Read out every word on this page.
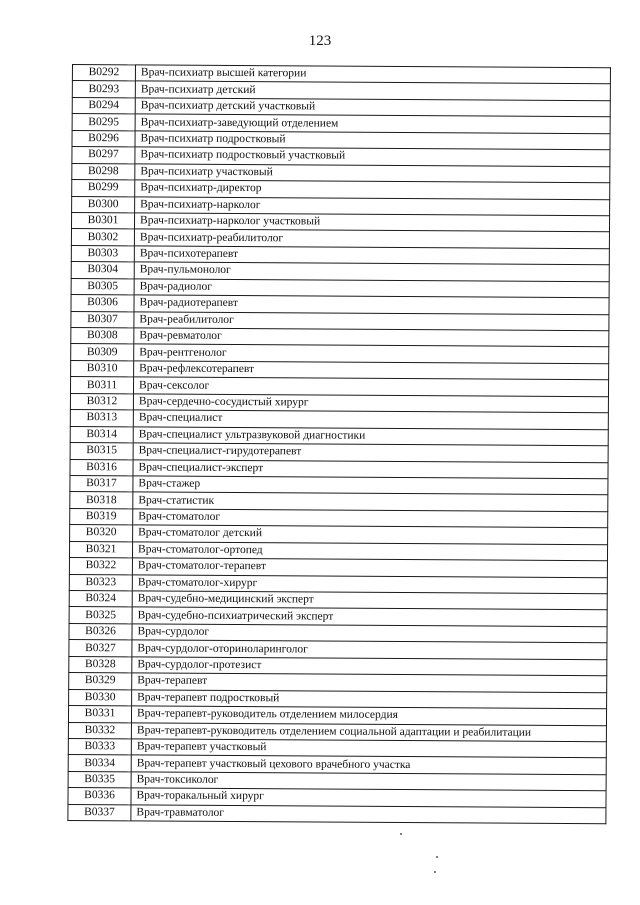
123
B0292	Врач-психиатр высшей категории
B0293	Врач-психиатр детский
B0294	Врач-психиатр детский участковый
B0295	Врач-психиатр-заведующий отделением
B0296	Врач-психиатр подростковый
B0297	Врач-психиатр подростковый участковый
B0298	Врач-психиатр участковый
B0299	Врач-психиатр-директор
B0300	Врач-психиатр-нарколог
B0301	Врач-психиатр-нарколог участковый
B0302	Врач-психиатр-реабилитолог
B0303	Врач-психотерапевт
B0304	Врач-пульмонолог
B0305	Врач-радиолог
B0306	Врач-радиотерапевт
B0307	Врач-реабилитолог
B0308	Врач-ревматолог
B0309	Врач-рентгенолог
B0310	Врач-рефлексотерапевт
B0311	Врач-сексолог
B0312	Врач-сердечно-сосудистый хирург
B0313	Врач-специалист
B0314	Врач-специалист ультразвуковой диагностики
B0315	Врач-специалист-гирудотерапевт
B0316	Врач-специалист-эксперт
B0317	Врач-стажер
B0318	Врач-статистик
B0319	Врач-стоматолог
B0320	Врач-стоматолог детский
B0321	Врач-стоматолог-ортопед
B0322	Врач-стоматолог-терапевт
B0323	Врач-стоматолог-хирург
B0324	Врач-судебно-медицинский эксперт
B0325	Врач-судебно-психиатрический эксперт
B0326	Врач-сурдолог
B0327	Врач-сурдолог-оториноларинголог
B0328	Врач-сурдолог-протезист
B0329	Врач-терапевт
B0330	Врач-терапевт подростковый
B0331	Врач-терапевт-руководитель отделением милосердия
B0332	Врач-терапевт-руководитель отделением социальной адаптации и реабилитации
B0333	Врач-терапевт участковый
B0334	Врач-терапевт участковый цехового врачебного участка
B0335	Врач-токсиколог
B0336	Врач-торакальный хирург
B0337	Врач-травматолог
